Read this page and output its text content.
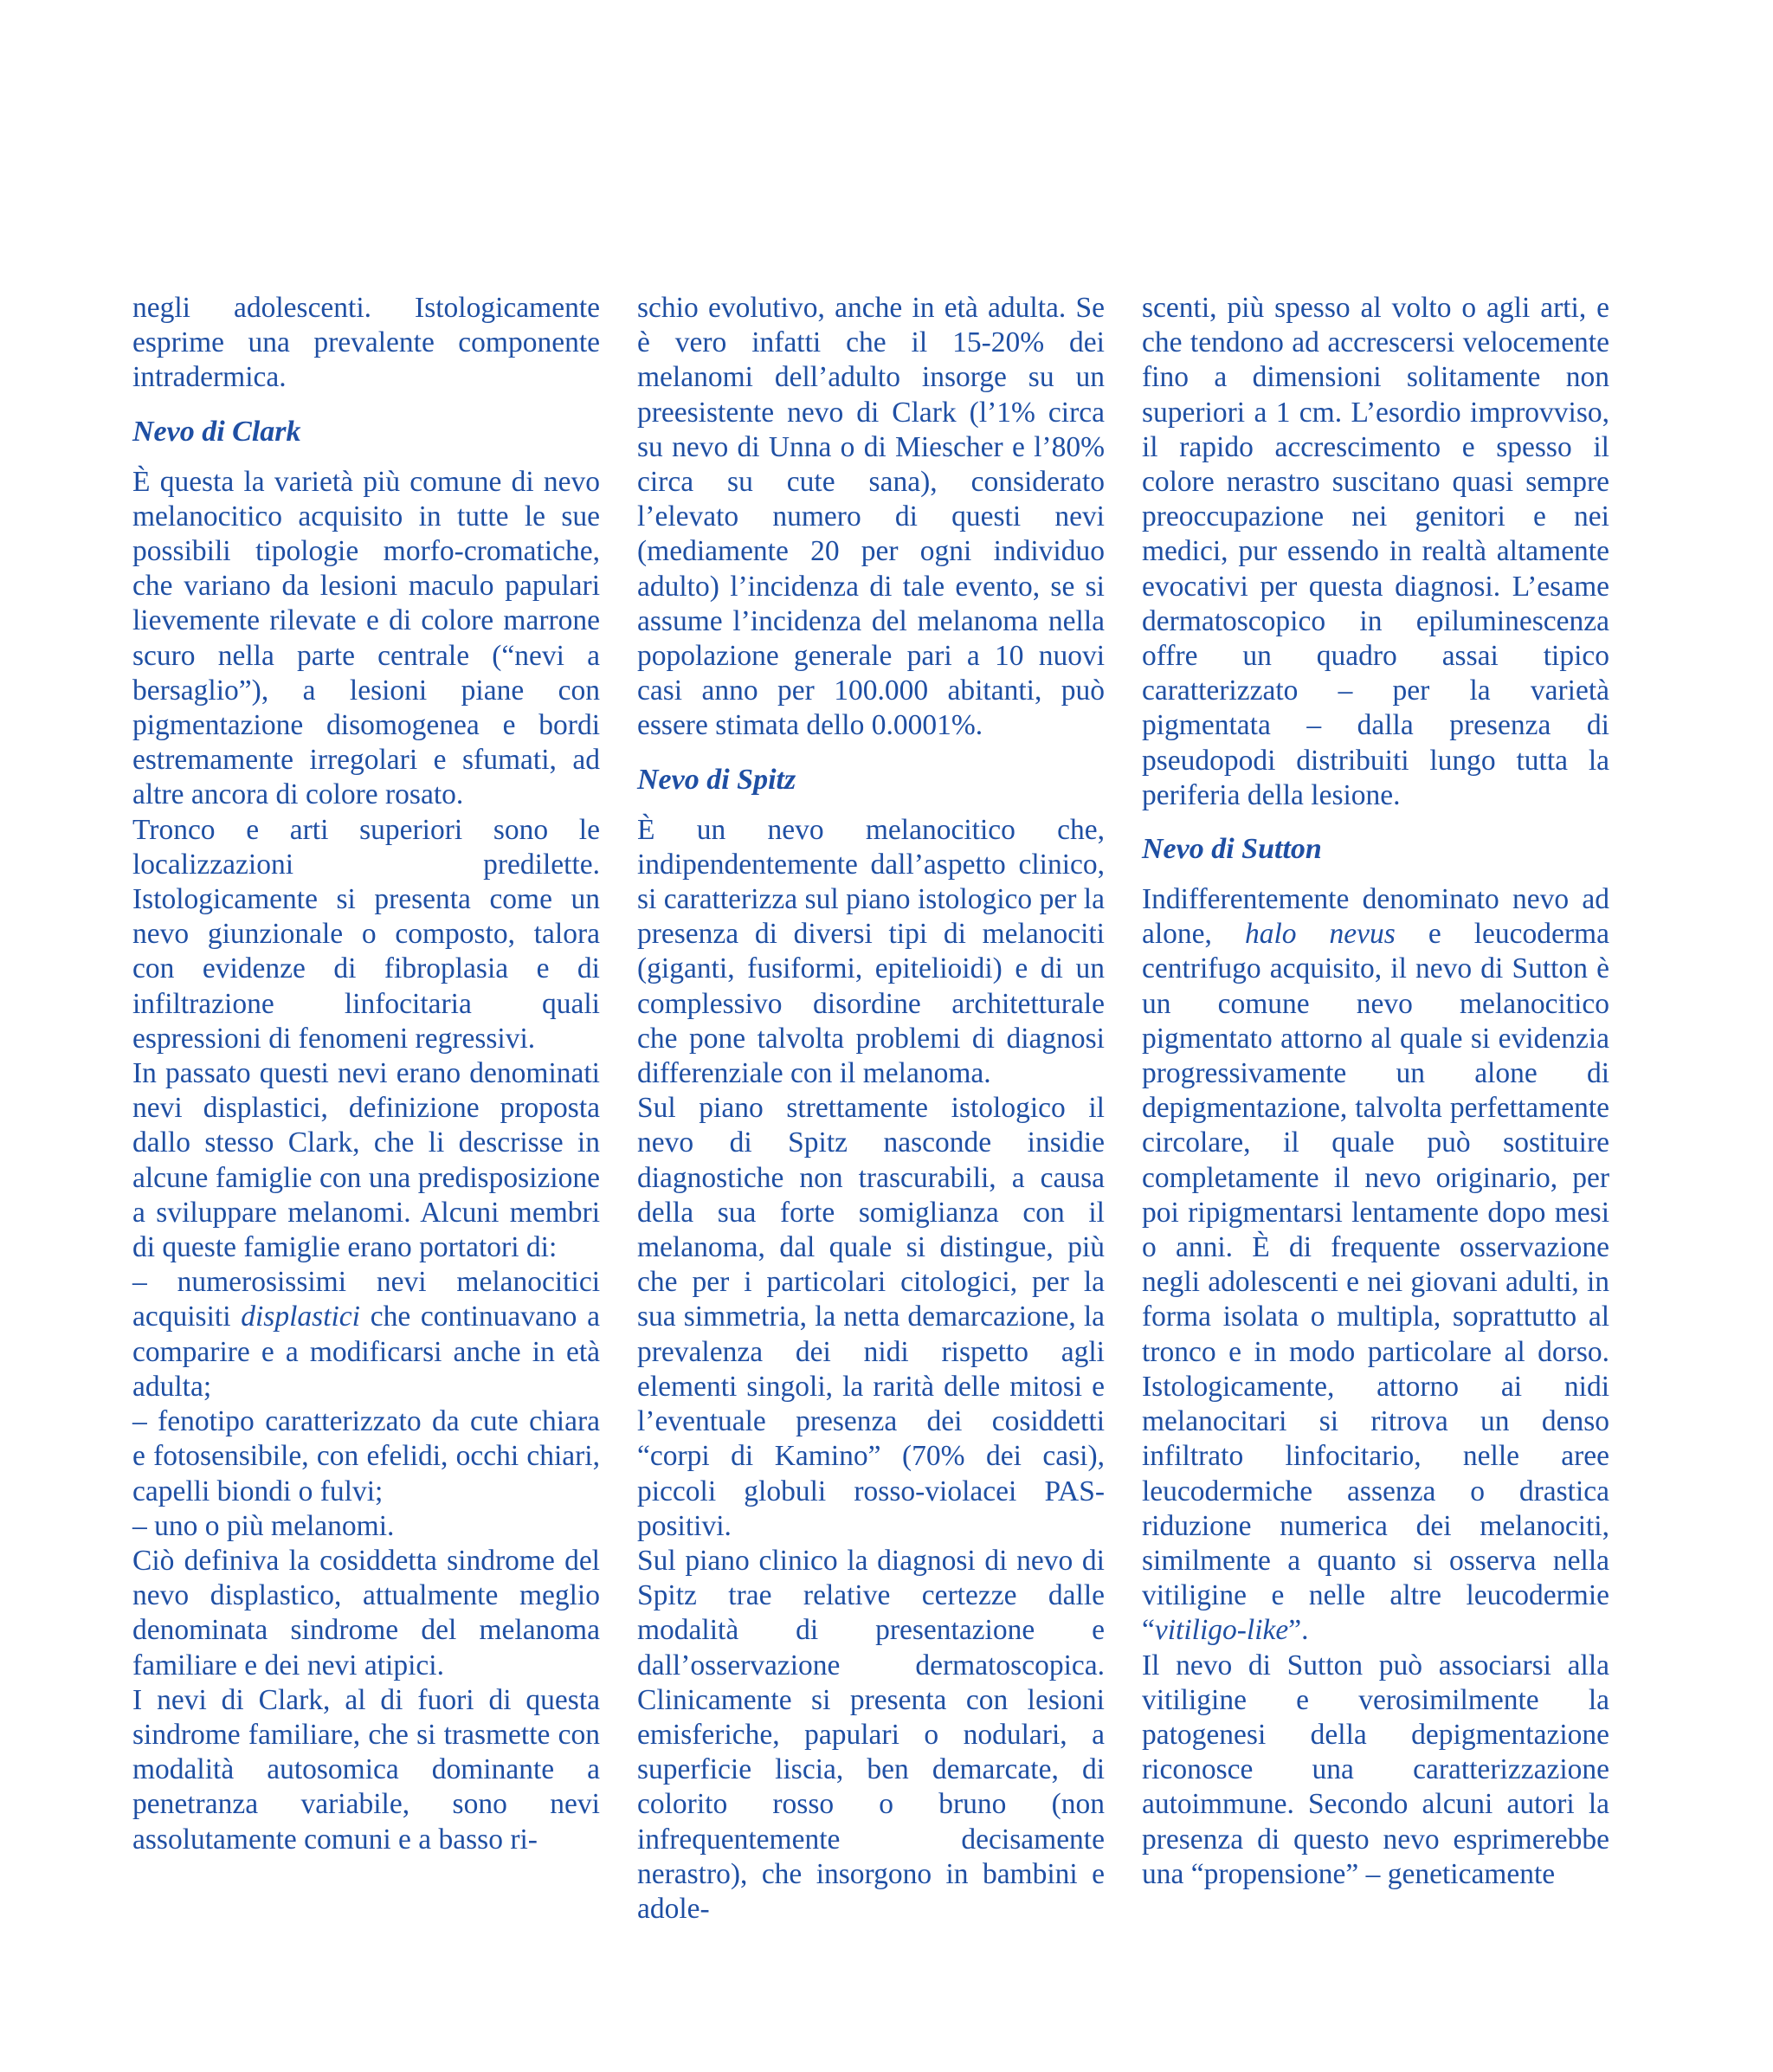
negli adolescenti. Istologicamente esprime una prevalente componente intradermica.

Nevo di Clark

È questa la varietà più comune di nevo melanocitico acquisito in tutte le sue possibili tipologie morfo-cromatiche, che variano da lesioni maculo papulari lievemente rilevate e di colore marrone scuro nella parte centrale (“nevi a bersaglio”), a lesioni piane con pigmentazione disomogenea e bordi estremamente irregolari e sfumati, ad altre ancora di colore rosato.

Tronco e arti superiori sono le localizzazioni predilette. Istologicamente si presenta come un nevo giunzionale o composto, talora con evidenze di fibroplasia e di infiltrazione linfocitaria quali espressioni di fenomeni regressivi.

In passato questi nevi erano denominati nevi displastici, definizione proposta dallo stesso Clark, che li descrisse in alcune famiglie con una predisposizione a sviluppare melanomi. Alcuni membri di queste famiglie erano portatori di:

– numerosissimi nevi melanocitici acquisiti displastici che continuavano a comparire e a modificarsi anche in età adulta;

– fenotipo caratterizzato da cute chiara e fotosensibile, con efelidi, occhi chiari, capelli biondi o fulvi;

– uno o più melanomi.

Ciò definiva la cosiddetta sindrome del nevo displastico, attualmente meglio denominata sindrome del melanoma familiare e dei nevi atipici.

I nevi di Clark, al di fuori di questa sindrome familiare, che si trasmette con modalità autosomica dominante a penetranza variabile, sono nevi assolutamente comuni e a basso ri-

schio evolutivo, anche in età adulta. Se è vero infatti che il 15-20% dei melanomi dell’adulto insorge su un preesistente nevo di Clark (l’1% circa su nevo di Unna o di Miescher e l’80% circa su cute sana), considerato l’elevato numero di questi nevi (mediamente 20 per ogni individuo adulto) l’incidenza di tale evento, se si assume l’incidenza del melanoma nella popolazione generale pari a 10 nuovi casi anno per 100.000 abitanti, può essere stimata dello 0.0001%.

Nevo di Spitz

È un nevo melanocitico che, indipendentemente dall’aspetto clinico, si caratterizza sul piano istologico per la presenza di diversi tipi di melanociti (giganti, fusiformi, epitelioidi) e di un complessivo disordine architetturale che pone talvolta problemi di diagnosi differenziale con il melanoma.

Sul piano strettamente istologico il nevo di Spitz nasconde insidie diagnostiche non trascurabili, a causa della sua forte somiglianza con il melanoma, dal quale si distingue, più che per i particolari citologici, per la sua simmetria, la netta demarcazione, la prevalenza dei nidi rispetto agli elementi singoli, la rarità delle mitosi e l’eventuale presenza dei cosiddetti “corpi di Kamino” (70% dei casi), piccoli globuli rosso-violacei PAS-positivi.

Sul piano clinico la diagnosi di nevo di Spitz trae relative certezze dalle modalità di presentazione e dall’osservazione dermatoscopica. Clinicamente si presenta con lesioni emisferiche, papulari o nodulari, a superficie liscia, ben demarcate, di colorito rosso o bruno (non infrequentemente decisamente nerastro), che insorgono in bambini e adole-

scenti, più spesso al volto o agli arti, e che tendono ad accrescersi velocemente fino a dimensioni solitamente non superiori a 1 cm. L’esordio improvviso, il rapido accrescimento e spesso il colore nerastro suscitano quasi sempre preoccupazione nei genitori e nei medici, pur essendo in realtà altamente evocativi per questa diagnosi. L’esame dermatoscopico in epiluminescenza offre un quadro assai tipico caratterizzato – per la varietà pigmentata – dalla presenza di pseudopodi distribuiti lungo tutta la periferia della lesione.

Nevo di Sutton

Indifferentemente denominato nevo ad alone, halo nevus e leucoderma centrifugo acquisito, il nevo di Sutton è un comune nevo melanocitico pigmentato attorno al quale si evidenzia progressivamente un alone di depigmentazione, talvolta perfettamente circolare, il quale può sostituire completamente il nevo originario, per poi ripigmentarsi lentamente dopo mesi o anni. È di frequente osservazione negli adolescenti e nei giovani adulti, in forma isolata o multipla, soprattutto al tronco e in modo particolare al dorso. Istologicamente, attorno ai nidi melanocitari si ritrova un denso infiltrato linfocitario, nelle aree leucodermiche assenza o drastica riduzione numerica dei melanociti, similmente a quanto si osserva nella vitiligine e nelle altre leucodermie “vitiligo-like”.

Il nevo di Sutton può associarsi alla vitiligine e verosimilmente la patogenesi della depigmentazione riconosce una caratterizzazione autoimmune. Secondo alcuni autori la presenza di questo nevo esprimerebbe una “propensione” – geneticamente
